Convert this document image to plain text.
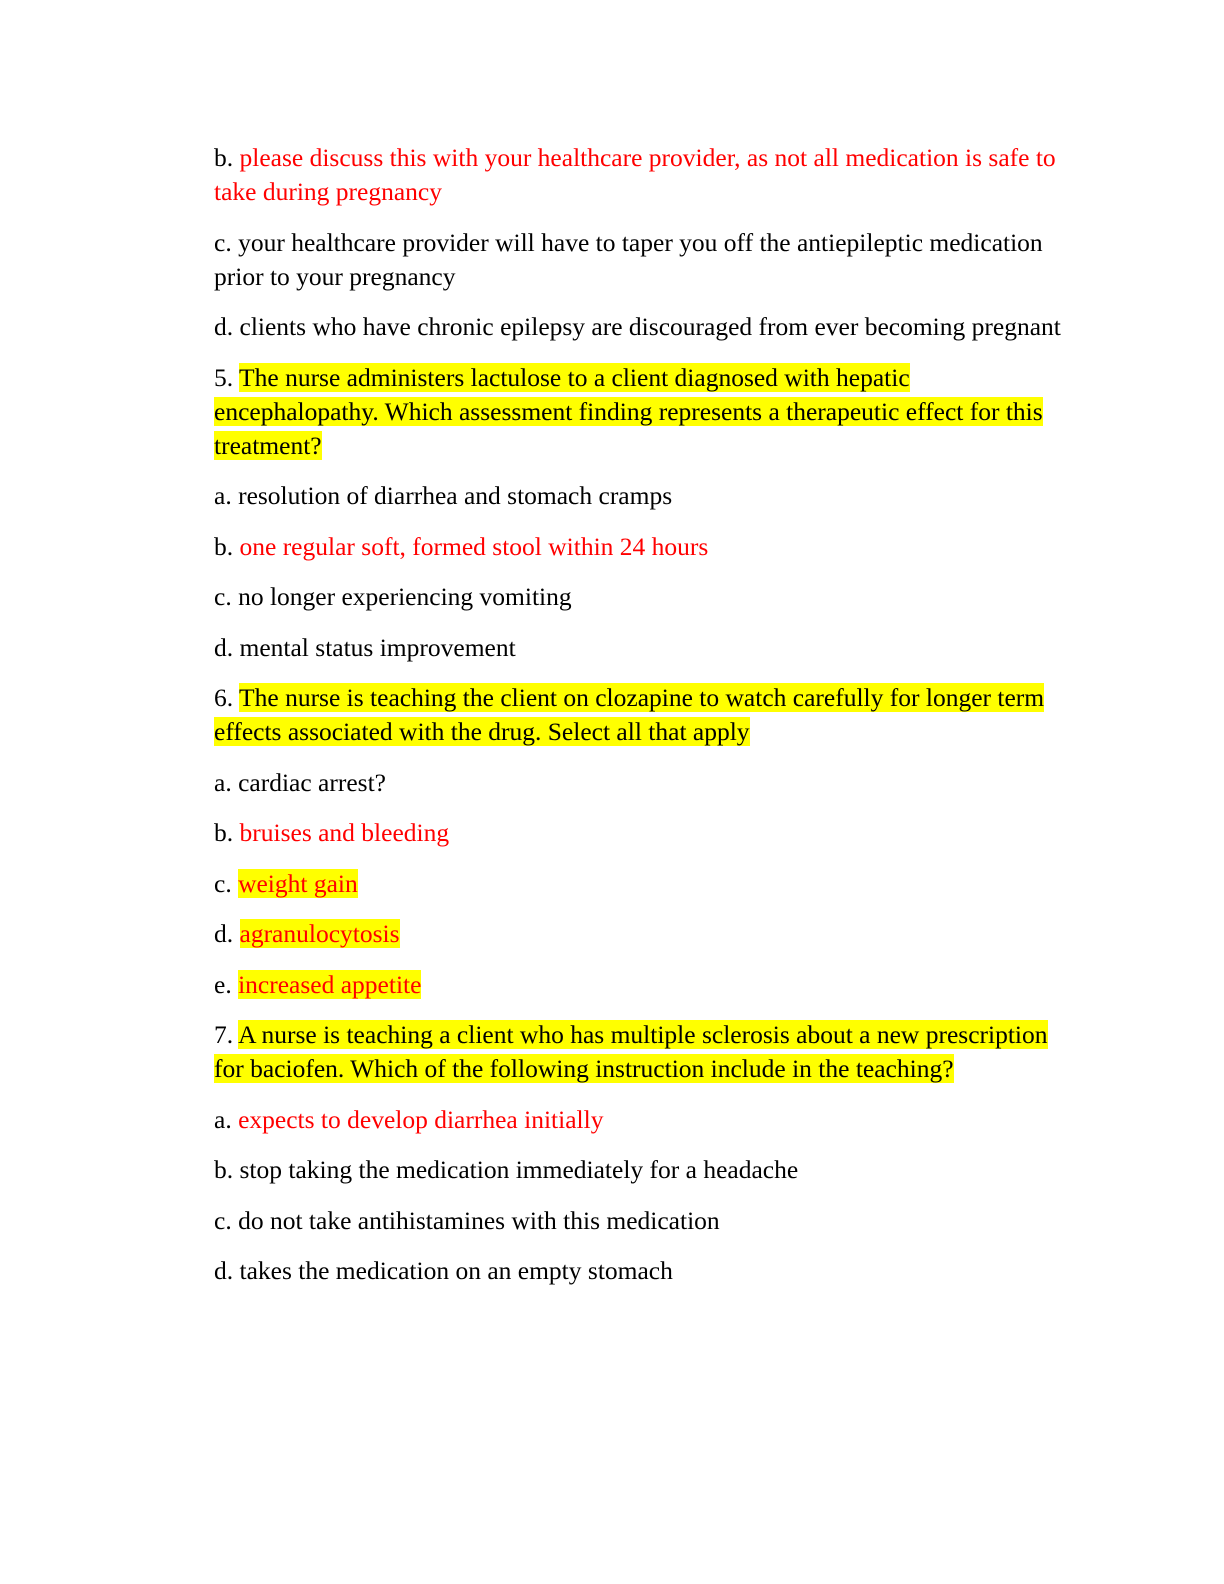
b. please discuss this with your healthcare provider, as not all medication is safe to take during pregnancy

c. your healthcare provider will have to taper you off the antiepileptic medication prior to your pregnancy

d. clients who have chronic epilepsy are discouraged from ever becoming pregnant

5. The nurse administers lactulose to a client diagnosed with hepatic encephalopathy. Which assessment finding represents a therapeutic effect for this treatment?

a. resolution of diarrhea and stomach cramps

b. one regular soft, formed stool within 24 hours

c. no longer experiencing vomiting

d. mental status improvement

6. The nurse is teaching the client on clozapine to watch carefully for longer term effects associated with the drug. Select all that apply

a. cardiac arrest?

b. bruises and bleeding

c. weight gain

d. agranulocytosis

e. increased appetite

7. A nurse is teaching a client who has multiple sclerosis about a new prescription for baciofen. Which of the following instruction include in the teaching?

a. expects to develop diarrhea initially

b. stop taking the medication immediately for a headache

c. do not take antihistamines with this medication

d. takes the medication on an empty stomach
